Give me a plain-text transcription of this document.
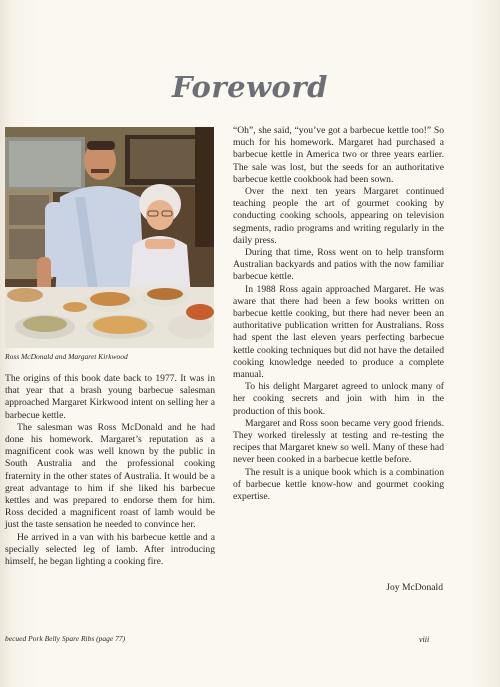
Foreword
Ross McDonald and Margaret Kirkwood

The origins of this book date back to 1977. It was in that year that a brash young barbecue salesman approached Margaret Kirkwood intent on selling her a barbecue kettle.

The salesman was Ross McDonald and he had done his homework. Margaret’s reputation as a magnificent cook was well known by the public in South Australia and the professional cooking fraternity in the other states of Australia. It would be a great advantage to him if she liked his barbecue kettles and was prepared to endorse them for him. Ross decided a magnificent roast of lamb would be just the taste sensation he needed to convince her.

He arrived in a van with his barbecue kettle and a specially selected leg of lamb. After introducing himself, he began lighting a cooking fire.

“Oh”, she said, “you’ve got a barbecue kettle too!” So much for his homework. Margaret had purchased a barbecue kettle in America two or three years earlier. The sale was lost, but the seeds for an authoritative barbecue kettle cookbook had been sown.

Over the next ten years Margaret continued teaching people the art of gourmet cooking by conducting cooking schools, appearing on television segments, radio programs and writing regularly in the daily press.

During that time, Ross went on to help transform Australian backyards and patios with the now familiar barbecue kettle.

In 1988 Ross again approached Margaret. He was aware that there had been a few books written on barbecue kettle cooking, but there had never been an authoritative publication written for Australians. Ross had spent the last eleven years perfecting barbecue kettle cooking techniques but did not have the detailed cooking knowledge needed to produce a complete manual.

To his delight Margaret agreed to unlock many of her cooking secrets and join with him in the production of this book.

Margaret and Ross soon became very good friends. They worked tirelessly at testing and re-testing the recipes that Margaret knew so well. Many of these had never been cooked in a barbecue kettle before.

The result is a unique book which is a combination of barbecue kettle know-how and gourmet cooking expertise.

Joy McDonald
becued Pork Belly Spare Ribs (page 77)	viii
